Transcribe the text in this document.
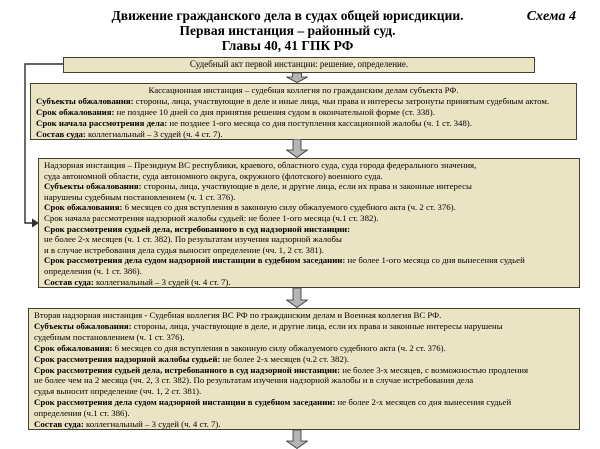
Движение гражданского дела в судах общей юрисдикции.
Первая инстанция – районный суд.
Главы 40, 41 ГПК РФ
Схема 4
Судебный акт первой инстанции: решение, определение.
Кассационная инстанция – судебная коллегия по гражданским делам субъекта РФ.
Субъекты обжалования: стороны, лица, участвующие в деле и иные лица, чьи права и интересы затронуты принятым судебным актом.
Срок обжалования: не позднее 10 дней со дня принятия решения судом в окончательной форме (ст. 338).
Срок начала рассмотрения дела: не позднее 1-ого месяца со дня поступления кассационной жалобы (ч. 1 ст. 348).
Состав суда: коллегиальный – 3 судей (ч. 4 ст. 7).
Надзорная инстанция – Президиум ВС республики, краевого, областного суда, суда города федерального значения,
суда автономной области, суда автономного округа, окружного (флотского) военного суда.
Субъекты обжалования: стороны, лица, участвующие в деле, и другие лица, если их права и законные интересы
нарушены судебным постановлением (ч. 1 ст. 376).
Срок обжалования: 6 месяцев со дня вступления в законную силу обжалуемого судебного акта (ч. 2 ст. 376).
Срок начала рассмотрения надзорной жалобы судьей: не более 1-ого месяца (ч.1 ст. 382).
Срок рассмотрения судьей дела, истребованного в суд надзорной инстанции:
не более 2-х месяцев (ч. 1 ст. 382). По результатам изучения надзорной жалобы
и в случае истребования дела судья выносит определение (чч. 1, 2 ст. 381).
Срок рассмотрения дела судом надзорной инстанции в судебном заседании: не более 1-ого месяца со дня вынесения судьей
определения (ч. 1 ст. 386).
Состав суда: коллегиальный – 3 судей (ч. 4 ст. 7).
Вторая надзорная инстанция - Судебная коллегия ВС РФ по гражданским делам и Военная коллегия ВС РФ.
Субъекты обжалования: стороны, лица, участвующие в деле, и другие лица, если их права и законные интересы нарушены
судебным постановлением (ч. 1 ст. 376).
Срок обжалования: 6 месяцев со дня вступления в законную силу обжалуемого судебного акта (ч. 2 ст. 376).
Срок рассмотрения надзорной жалобы судьей: не более 2-х месяцев (ч.2 ст. 382).
Срок рассмотрения судьей дела, истребованного в суд надзорной инстанции: не более 3-х месяцев, с возможностью продления
не более чем на 2 месяца (чч. 2, 3 ст. 382). По результатам изучения надзорной жалобы и в случае истребования дела
судья выносит определение (чч. 1, 2 ст. 381).
Срок рассмотрения дела судом надзорной инстанции в судебном заседании: не более 2-х месяцев со дня вынесения судьей
определения (ч.1 ст. 386).
Состав суда: коллегиальный – 3 судей (ч. 4 ст. 7).
